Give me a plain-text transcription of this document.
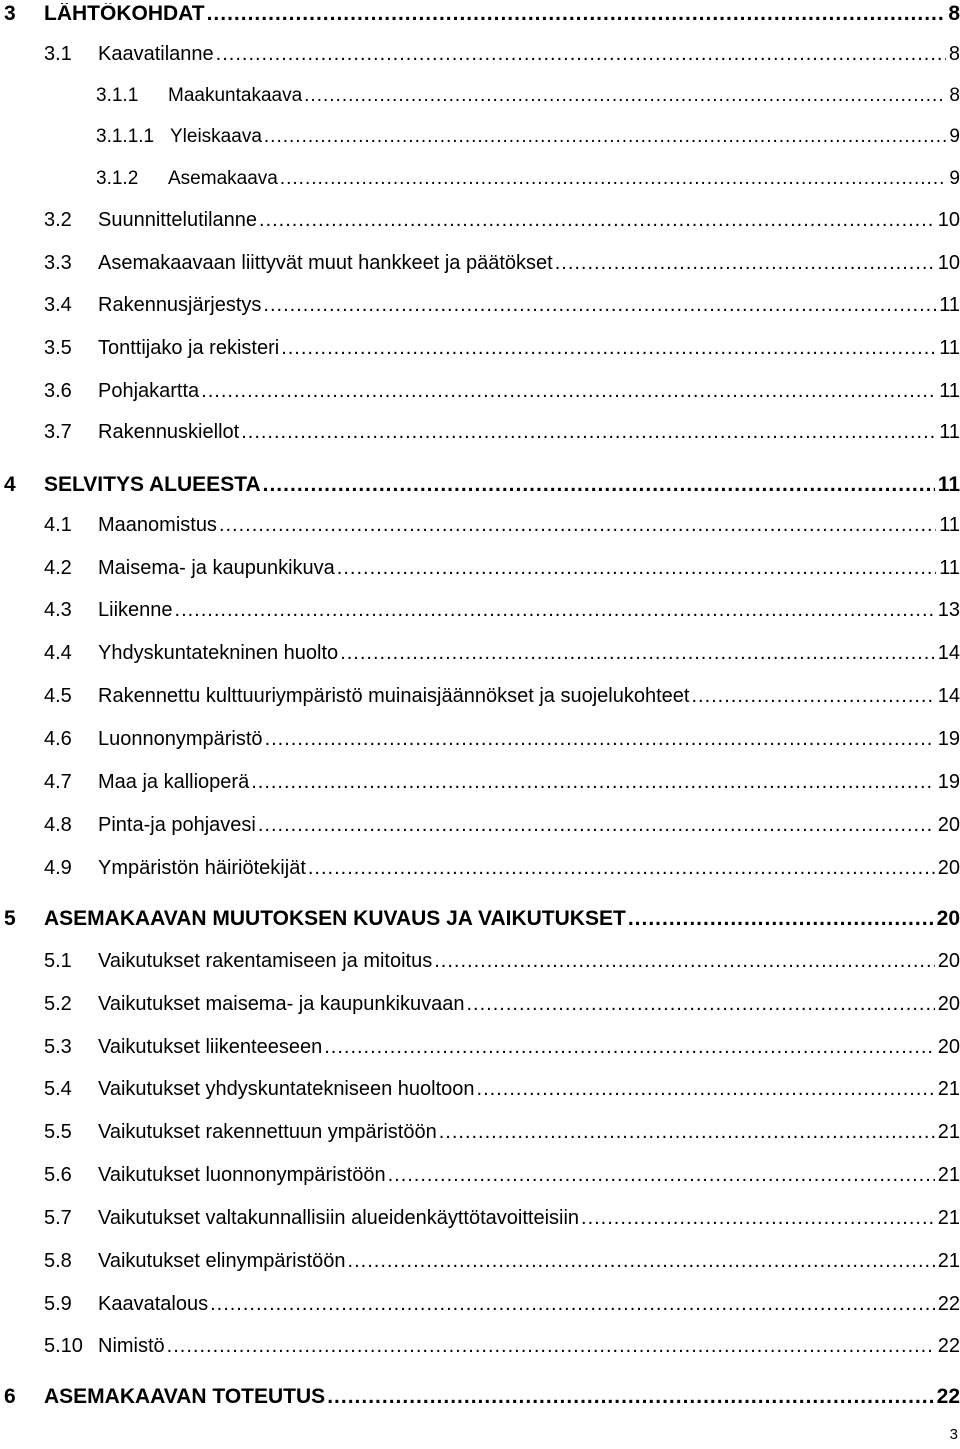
3 LÄHTÖKOHDAT .....	8
3.1 Kaavatilanne .....	8
3.1.1 Maakuntakaava .....	8
3.1.1.1 Yleiskaava .....	9
3.1.2 Asemakaava .....	9
3.2 Suunnittelutilanne .....	10
3.3 Asemakaavaan liittyvät muut hankkeet ja päätökset .....	10
3.4 Rakennusjärjestys .....	11
3.5 Tonttijako ja rekisteri .....	11
3.6 Pohjakartta .....	11
3.7 Rakennuskiellot .....	11
4 SELVITYS ALUEESTA .....	11
4.1 Maanomistus .....	11
4.2 Maisema- ja kaupunkikuva .....	11
4.3 Liikenne .....	13
4.4 Yhdyskuntatekninen huolto .....	14
4.5 Rakennettu kulttuuriympäristö muinaisjäännökset ja suojelukohteet .....	14
4.6 Luonnonympäristö .....	19
4.7 Maa ja kallioperä .....	19
4.8 Pinta-ja pohjavesi .....	20
4.9 Ympäristön häiriötekijät .....	20
5 ASEMAKAAVAN MUUTOKSEN KUVAUS JA VAIKUTUKSET .....	20
5.1 Vaikutukset rakentamiseen ja mitoitus .....	20
5.2 Vaikutukset maisema- ja kaupunkikuvaan .....	20
5.3 Vaikutukset liikenteeseen .....	20
5.4 Vaikutukset yhdyskuntatekniseen huoltoon .....	21
5.5 Vaikutukset rakennettuun ympäristöön .....	21
5.6 Vaikutukset luonnonympäristöön .....	21
5.7 Vaikutukset valtakunnallisiin alueidenkäyttötavoitteisiin .....	21
5.8 Vaikutukset elinympäristöön .....	21
5.9 Kaavatalous .....	22
5.10 Nimistö .....	22
6 ASEMAKAAVAN TOTEUTUS .....	22
3
